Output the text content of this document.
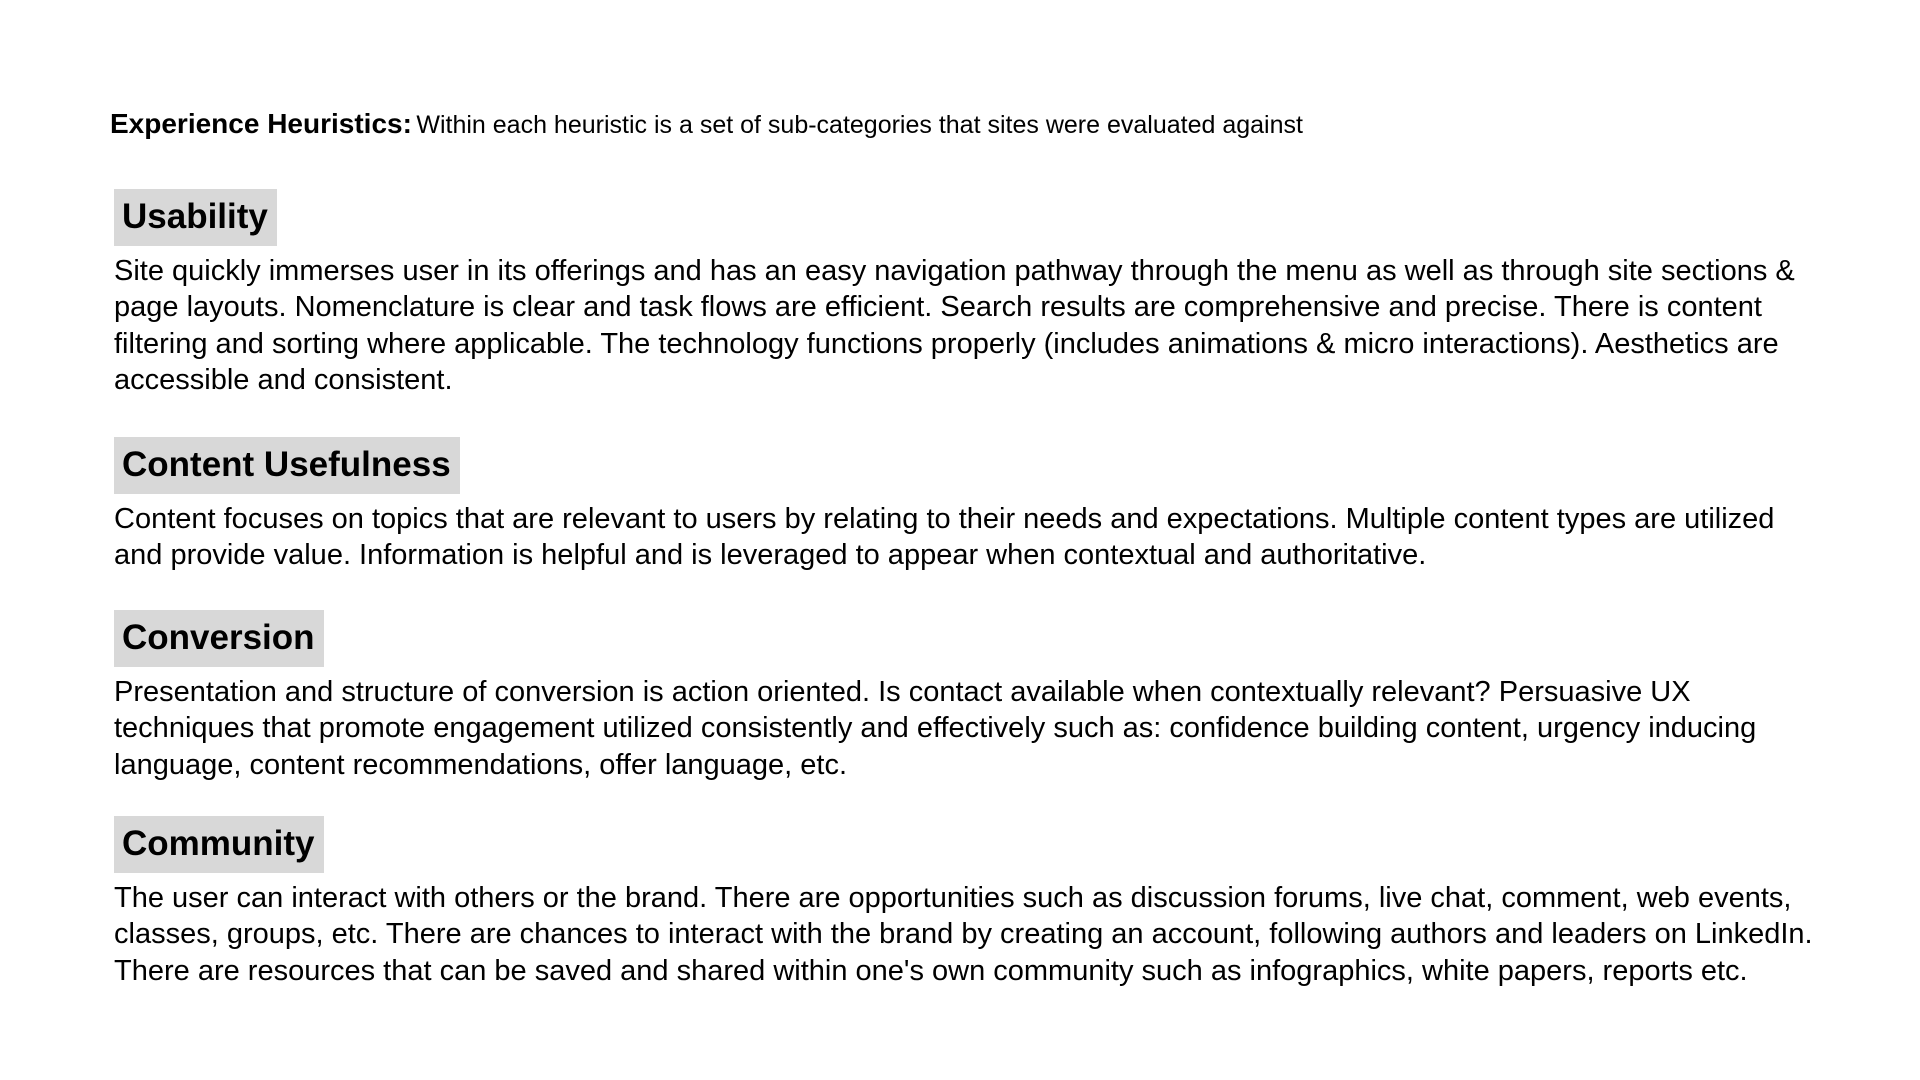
Experience Heuristics: Within each heuristic is a set of sub-categories that sites were evaluated against
Usability

Site quickly immerses user in its offerings and has an easy navigation pathway through the menu as well as through site sections & page layouts. Nomenclature is clear and task flows are efficient. Search results are comprehensive and precise. There is content filtering and sorting where applicable. The technology functions properly (includes animations & micro interactions). Aesthetics are accessible and consistent.

Content Usefulness

Content focuses on topics that are relevant to users by relating to their needs and expectations. Multiple content types are utilized and provide value. Information is helpful and is leveraged to appear when contextual and authoritative.

Conversion

Presentation and structure of conversion is action oriented. Is contact available when contextually relevant? Persuasive UX techniques that promote engagement utilized consistently and effectively such as: confidence building content, urgency inducing language, content recommendations, offer language, etc.

Community

The user can interact with others or the brand. There are opportunities such as discussion forums, live chat, comment, web events, classes, groups, etc. There are chances to interact with the brand by creating an account, following authors and leaders on LinkedIn. There are resources that can be saved and shared within one's own community such as infographics, white papers, reports etc.
